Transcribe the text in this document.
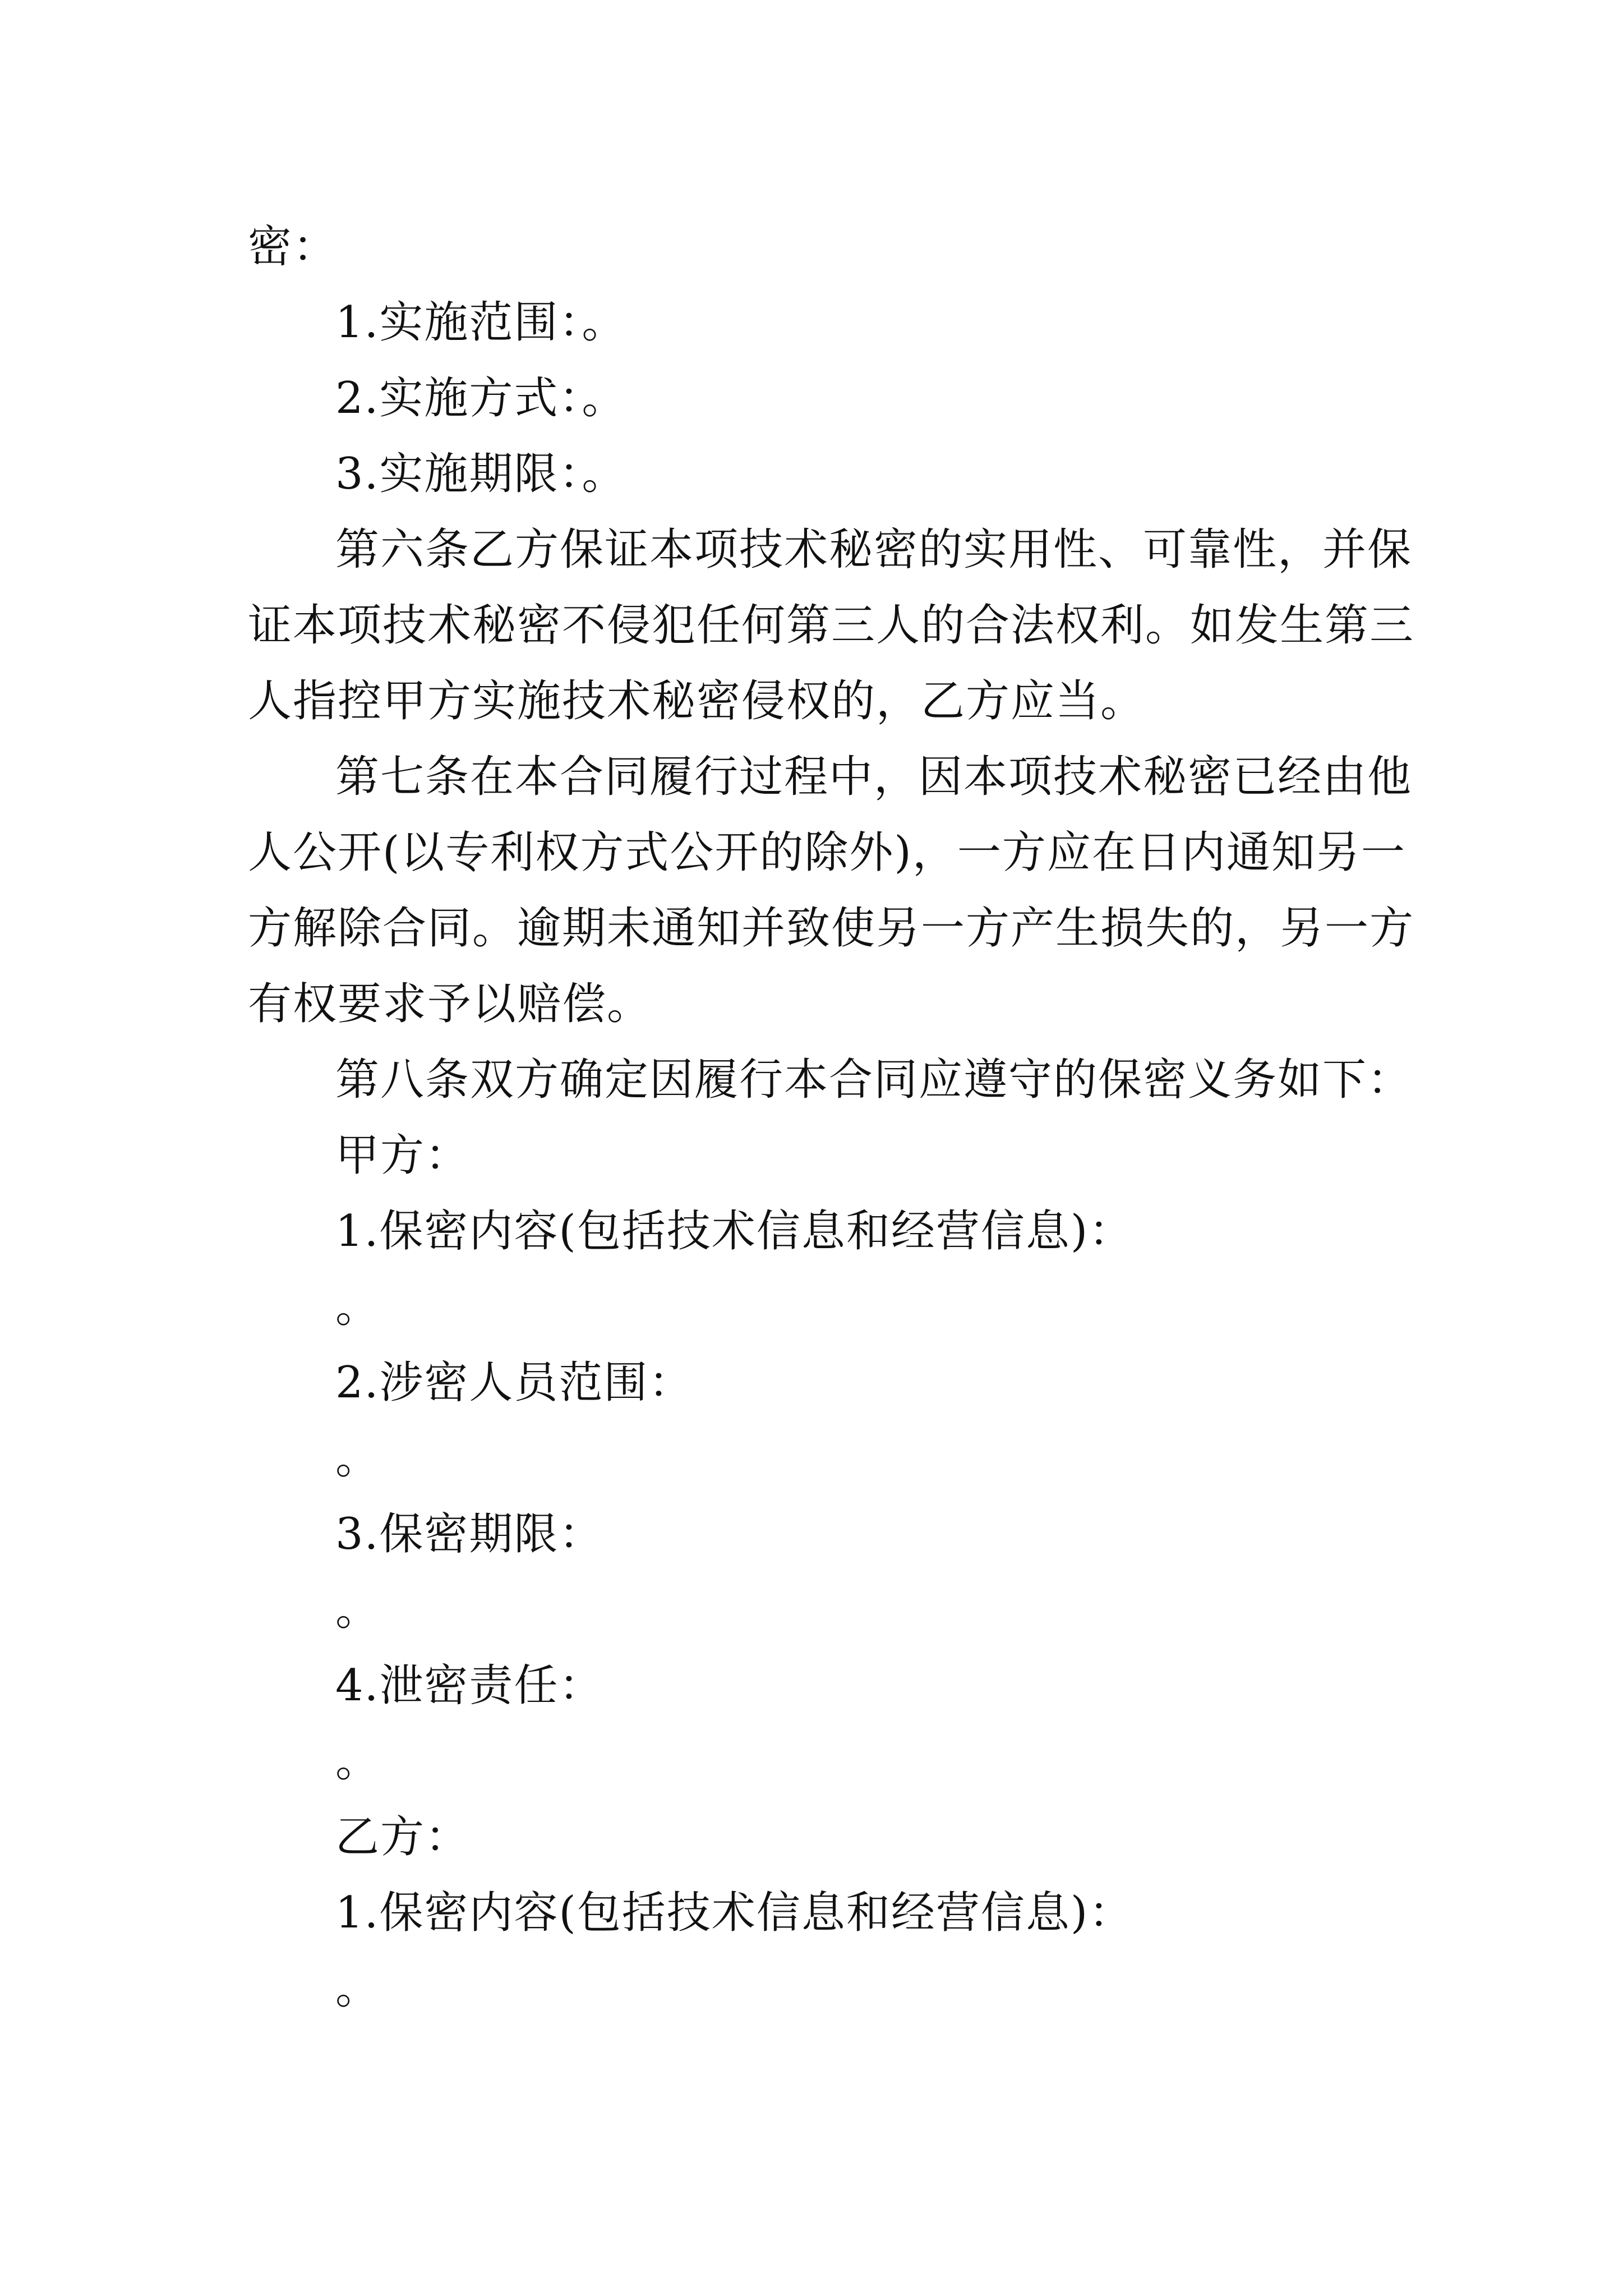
密：

1.实施范围：。

2.实施方式：。

3.实施期限：。

第六条乙方保证本项技术秘密的实用性、可靠性，并保

证本项技术秘密不侵犯任何第三人的合法权利。如发生第三

人指控甲方实施技术秘密侵权的，乙方应当。

第七条在本合同履行过程中，因本项技术秘密已经由他

人公开(以专利权方式公开的除外)，一方应在日内通知另一

方解除合同。逾期未通知并致使另一方产生损失的，另一方

有权要求予以赔偿。

第八条双方确定因履行本合同应遵守的保密义务如下：

甲方：

1.保密内容(包括技术信息和经营信息)：

。

2.涉密人员范围：

。

3.保密期限：

。

4.泄密责任：

。

乙方：

1.保密内容(包括技术信息和经营信息)：

。
